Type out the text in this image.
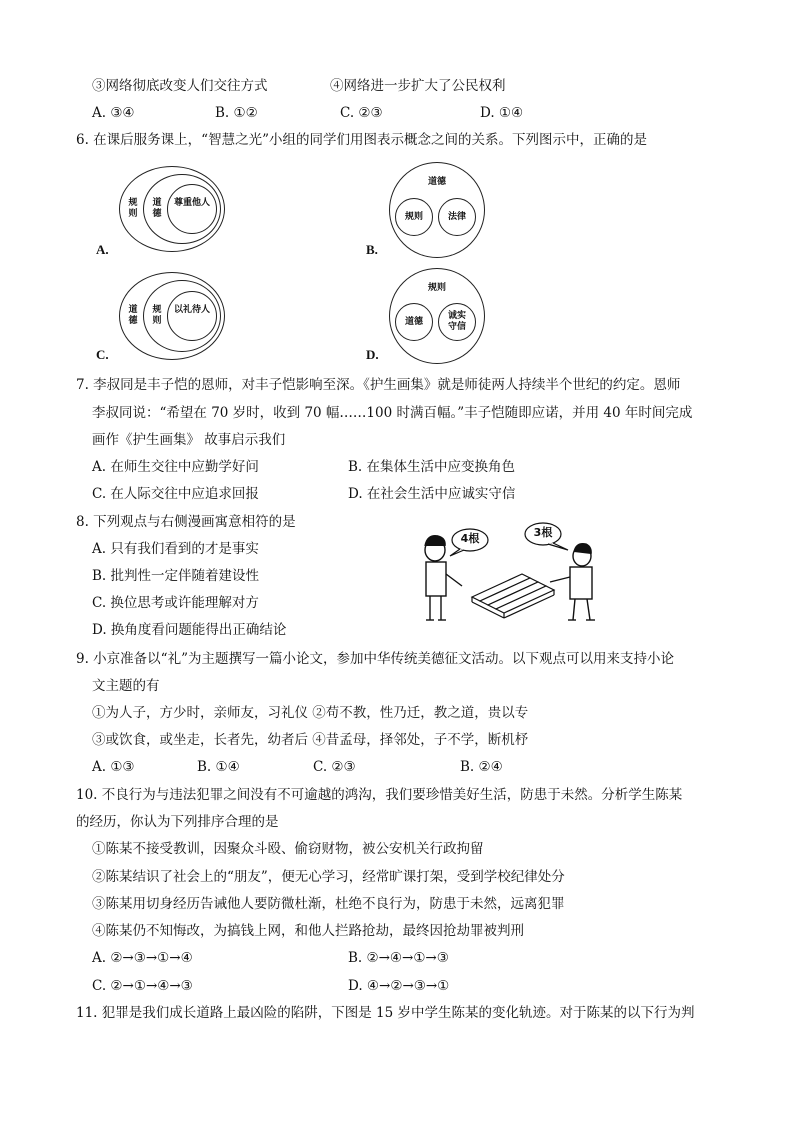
③网络彻底改变人们交往方式	④网络进一步扩大了公民权利
A. ③④	B. ①②	C. ②③	D. ①④
6. 在课后服务课上，“智慧之光”小组的同学们用图表示概念之间的关系。下列图示中，正确的是
规则
道德
尊重他人
A.
道德
规则	法律
B.
道德
规则
以礼待人
C.
规则
道德
诚实守信
D.
7. 李叔同是丰子恺的恩师，对丰子恺影响至深。《护生画集》就是师徒两人持续半个世纪的约定。恩师
李叔同说：“希望在 70 岁时，收到 70 幅……100 时满百幅。”丰子恺随即应诺，并用 40 年时间完成
画作《护生画集》 故事启示我们
A. 在师生交往中应勤学好问	B. 在集体生活中应变换角色
C. 在人际交往中应追求回报	D. 在社会生活中应诚实守信
8. 下列观点与右侧漫画寓意相符的是
A. 只有我们看到的才是事实
B. 批判性一定伴随着建设性
C. 换位思考或许能理解对方
D. 换角度看问题能得出正确结论
4根	3根
9. 小京准备以“礼”为主题撰写一篇小论文，参加中华传统美德征文活动。以下观点可以用来支持小论
文主题的有
①为人子，方少时，亲师友，习礼仪 ②苟不教，性乃迁，教之道，贵以专
③或饮食，或坐走，长者先，幼者后 ④昔孟母，择邻处，子不学，断机杼
A. ①③	B. ①④	C. ②③	B. ②④
10. 不良行为与违法犯罪之间没有不可逾越的鸿沟，我们要珍惜美好生活，防患于未然。分析学生陈某
的经历，你认为下列排序合理的是
①陈某不接受教训，因聚众斗殴、偷窃财物，被公安机关行政拘留
②陈某结识了社会上的“朋友”，便无心学习，经常旷课打架，受到学校纪律处分
③陈某用切身经历告诫他人要防微杜渐，杜绝不良行为，防患于未然，远离犯罪
④陈某仍不知悔改，为搞钱上网，和他人拦路抢劫，最终因抢劫罪被判刑
A. ②→③→①→④	B. ②→④→①→③
C. ②→①→④→③	D. ④→②→③→①
11. 犯罪是我们成长道路上最凶险的陷阱，下图是 15 岁中学生陈某的变化轨迹。对于陈某的以下行为判
